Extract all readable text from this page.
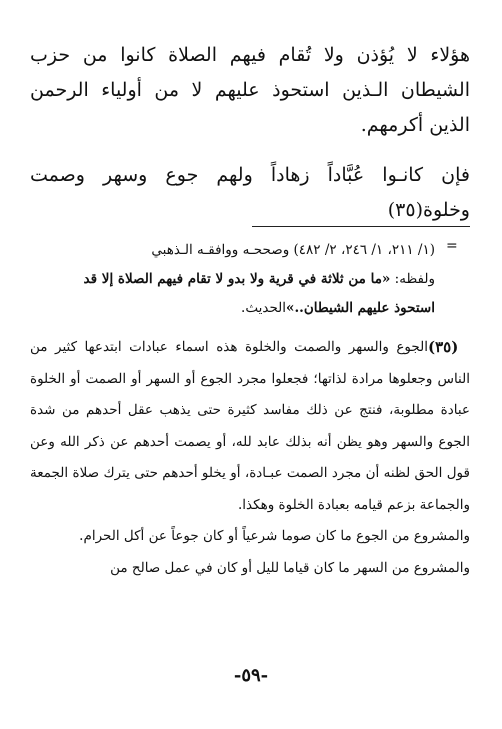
هؤلاء لا يُؤذن ولا تُقام فيهم الصلاة كانوا من حزب الشيطان الـذين استحوذ عليهم لا من أولياء الرحمن الذين أكرمهم.

فإن كانـوا عُبَّاداً زهاداً ولهم جوع وسهر وصمت وخلوة(٣٥)

=
(١/ ٢١١، ١/ ٢٤٦، ٢/ ٤٨٢) وصححـه ووافقـه الـذهبي
ولفظه: «ما من ثلاثة في قرية ولا بدو لا تقام فيهم الصلاة إلا قد
استحوذ عليهم الشيطان..»الحديث.
(٣٥)
الجوع والسهر والصمت والخلوة هذه اسماء عبادات ابتدعها كثير من الناس وجعلوها مرادة لذاتها؛ فجعلوا مجرد الجوع أو السهر أو الصمت أو الخلوة عبادة مطلوبة، فنتج عن ذلك مفاسد كثيرة حتى يذهب عقل أحدهم من شدة الجوع والسهر وهو يظن أنه بذلك عابد لله، أو يصمت أحدهم عن ذكر الله وعن قول الحق لظنه أن مجرد الصمت عبـادة، أو يخلو أحدهم حتى يترك صلاة الجمعة والجماعة بزعم قيامه بعبادة الخلوة وهكذا.
والمشروع من الجوع ما كان صوما شرعياً أو كان جوعاً عن أكل الحرام.
والمشروع من السهر ما كان قياما لليل أو كان في عمل صالح من
-٥٩-
